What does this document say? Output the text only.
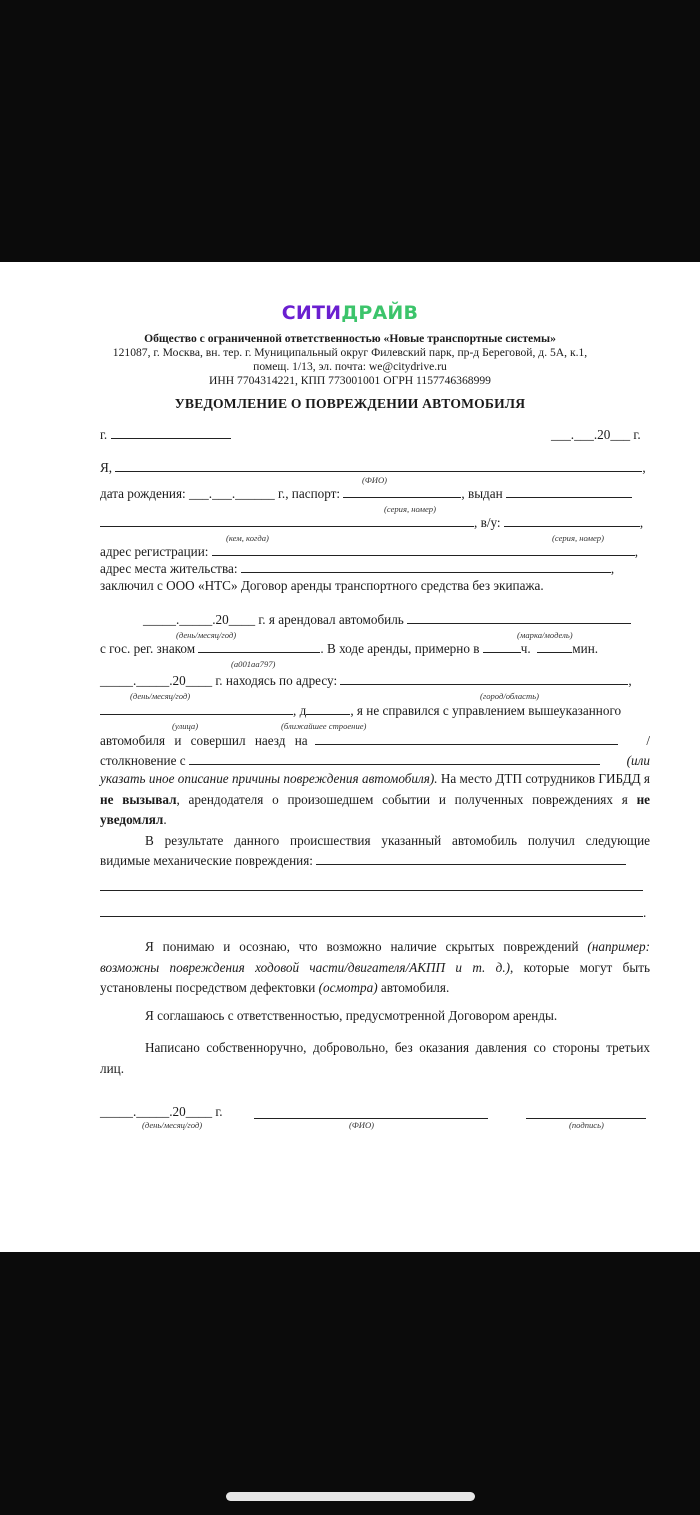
СИТИДРАЙВ
Общество с ограниченной ответственностью «Новые транспортные системы»
121087, г. Москва, вн. тер. г. Муниципальный округ Филевский парк, пр-д Береговой, д. 5А, к.1,
помещ. 1/13, эл. почта: we@citydrive.ru
ИНН 7704314221, КПП 773001001 ОГРН 1157746368999
УВЕДОМЛЕНИЕ О ПОВРЕЖДЕНИИ АВТОМОБИЛЯ
г.	___.___.20___ г.
Я,	,
(ФИО)
дата рождения: ___.___.______ г., паспорт:	, выдан
(серия, номер)
, в/у:	,
(кем, когда)	(серия, номер)
адрес регистрации:	,
адрес места жительства:	,
заключил с ООО «НТС» Договор аренды транспортного средства без экипажа.
_____._____.20____ г. я арендовал автомобиль
(день/месяц/год)	(марка/модель)
с гос. рег. знаком	. В ходе аренды, примерно в	ч.	мин.
(а001аа797)
_____._____.20____ г. находясь по адресу:	,
(день/месяц/год)	(город/область)
, д	, я не справился с управлением вышеуказанного
(улица)	(ближайшее строение)
автомобиля и совершил наезд на	/
столкновение с	(или
указать иное описание причины повреждения автомобиля). На место ДТП сотрудников ГИБДД я не вызывал, арендодателя о произошедшем событии и полученных повреждениях я не уведомлял.
В результате данного происшествия указанный автомобиль получил следующие
видимые механические повреждения:
.
Я понимаю и осознаю, что возможно наличие скрытых повреждений (например: возможны повреждения ходовой части/двигателя/АКПП и т. д.), которые могут быть установлены посредством дефектовки (осмотра) автомобиля.
Я соглашаюсь с ответственностью, предусмотренной Договором аренды.
Написано собственноручно, добровольно, без оказания давления со стороны третьих лиц.
_____._____.20____ г.
(день/месяц/год)	(ФИО)	(подпись)
